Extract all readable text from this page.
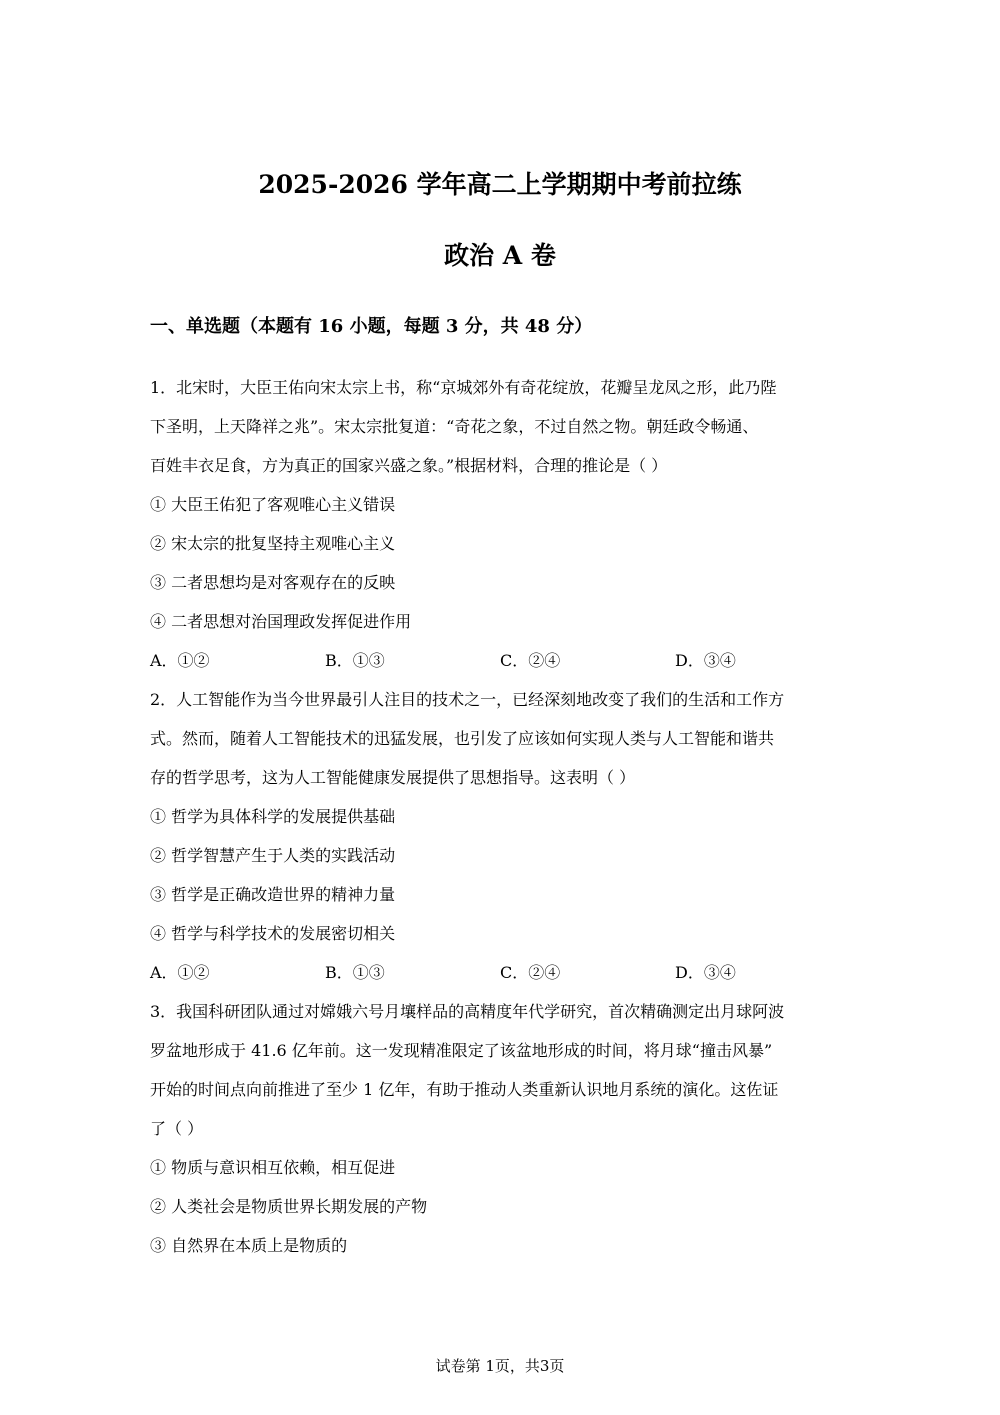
2025-2026 学年高二上学期期中考前拉练
政治 A 卷
一、单选题（本题有 16 小题，每题 3 分，共 48 分）
1．北宋时，大臣王佑向宋太宗上书，称“京城郊外有奇花绽放，花瓣呈龙凤之形，此乃陛
下圣明，上天降祥之兆”。宋太宗批复道：“奇花之象，不过自然之物。朝廷政令畅通、
百姓丰衣足食，方为真正的国家兴盛之象。”根据材料，合理的推论是（ ）
① 大臣王佑犯了客观唯心主义错误
② 宋太宗的批复坚持主观唯心主义
③ 二者思想均是对客观存在的反映
④ 二者思想对治国理政发挥促进作用
A．①②	B．①③	C．②④	D．③④
2．人工智能作为当今世界最引人注目的技术之一，已经深刻地改变了我们的生活和工作方
式。然而，随着人工智能技术的迅猛发展，也引发了应该如何实现人类与人工智能和谐共
存的哲学思考，这为人工智能健康发展提供了思想指导。这表明（ ）
① 哲学为具体科学的发展提供基础
② 哲学智慧产生于人类的实践活动
③ 哲学是正确改造世界的精神力量
④ 哲学与科学技术的发展密切相关
A．①②	B．①③	C．②④	D．③④
3．我国科研团队通过对嫦娥六号月壤样品的高精度年代学研究，首次精确测定出月球阿波
罗盆地形成于 41.6 亿年前。这一发现精准限定了该盆地形成的时间，将月球“撞击风暴”
开始的时间点向前推进了至少 1 亿年，有助于推动人类重新认识地月系统的演化。这佐证
了（ ）
① 物质与意识相互依赖，相互促进
② 人类社会是物质世界长期发展的产物
③ 自然界在本质上是物质的
试卷第 1页，共3页
